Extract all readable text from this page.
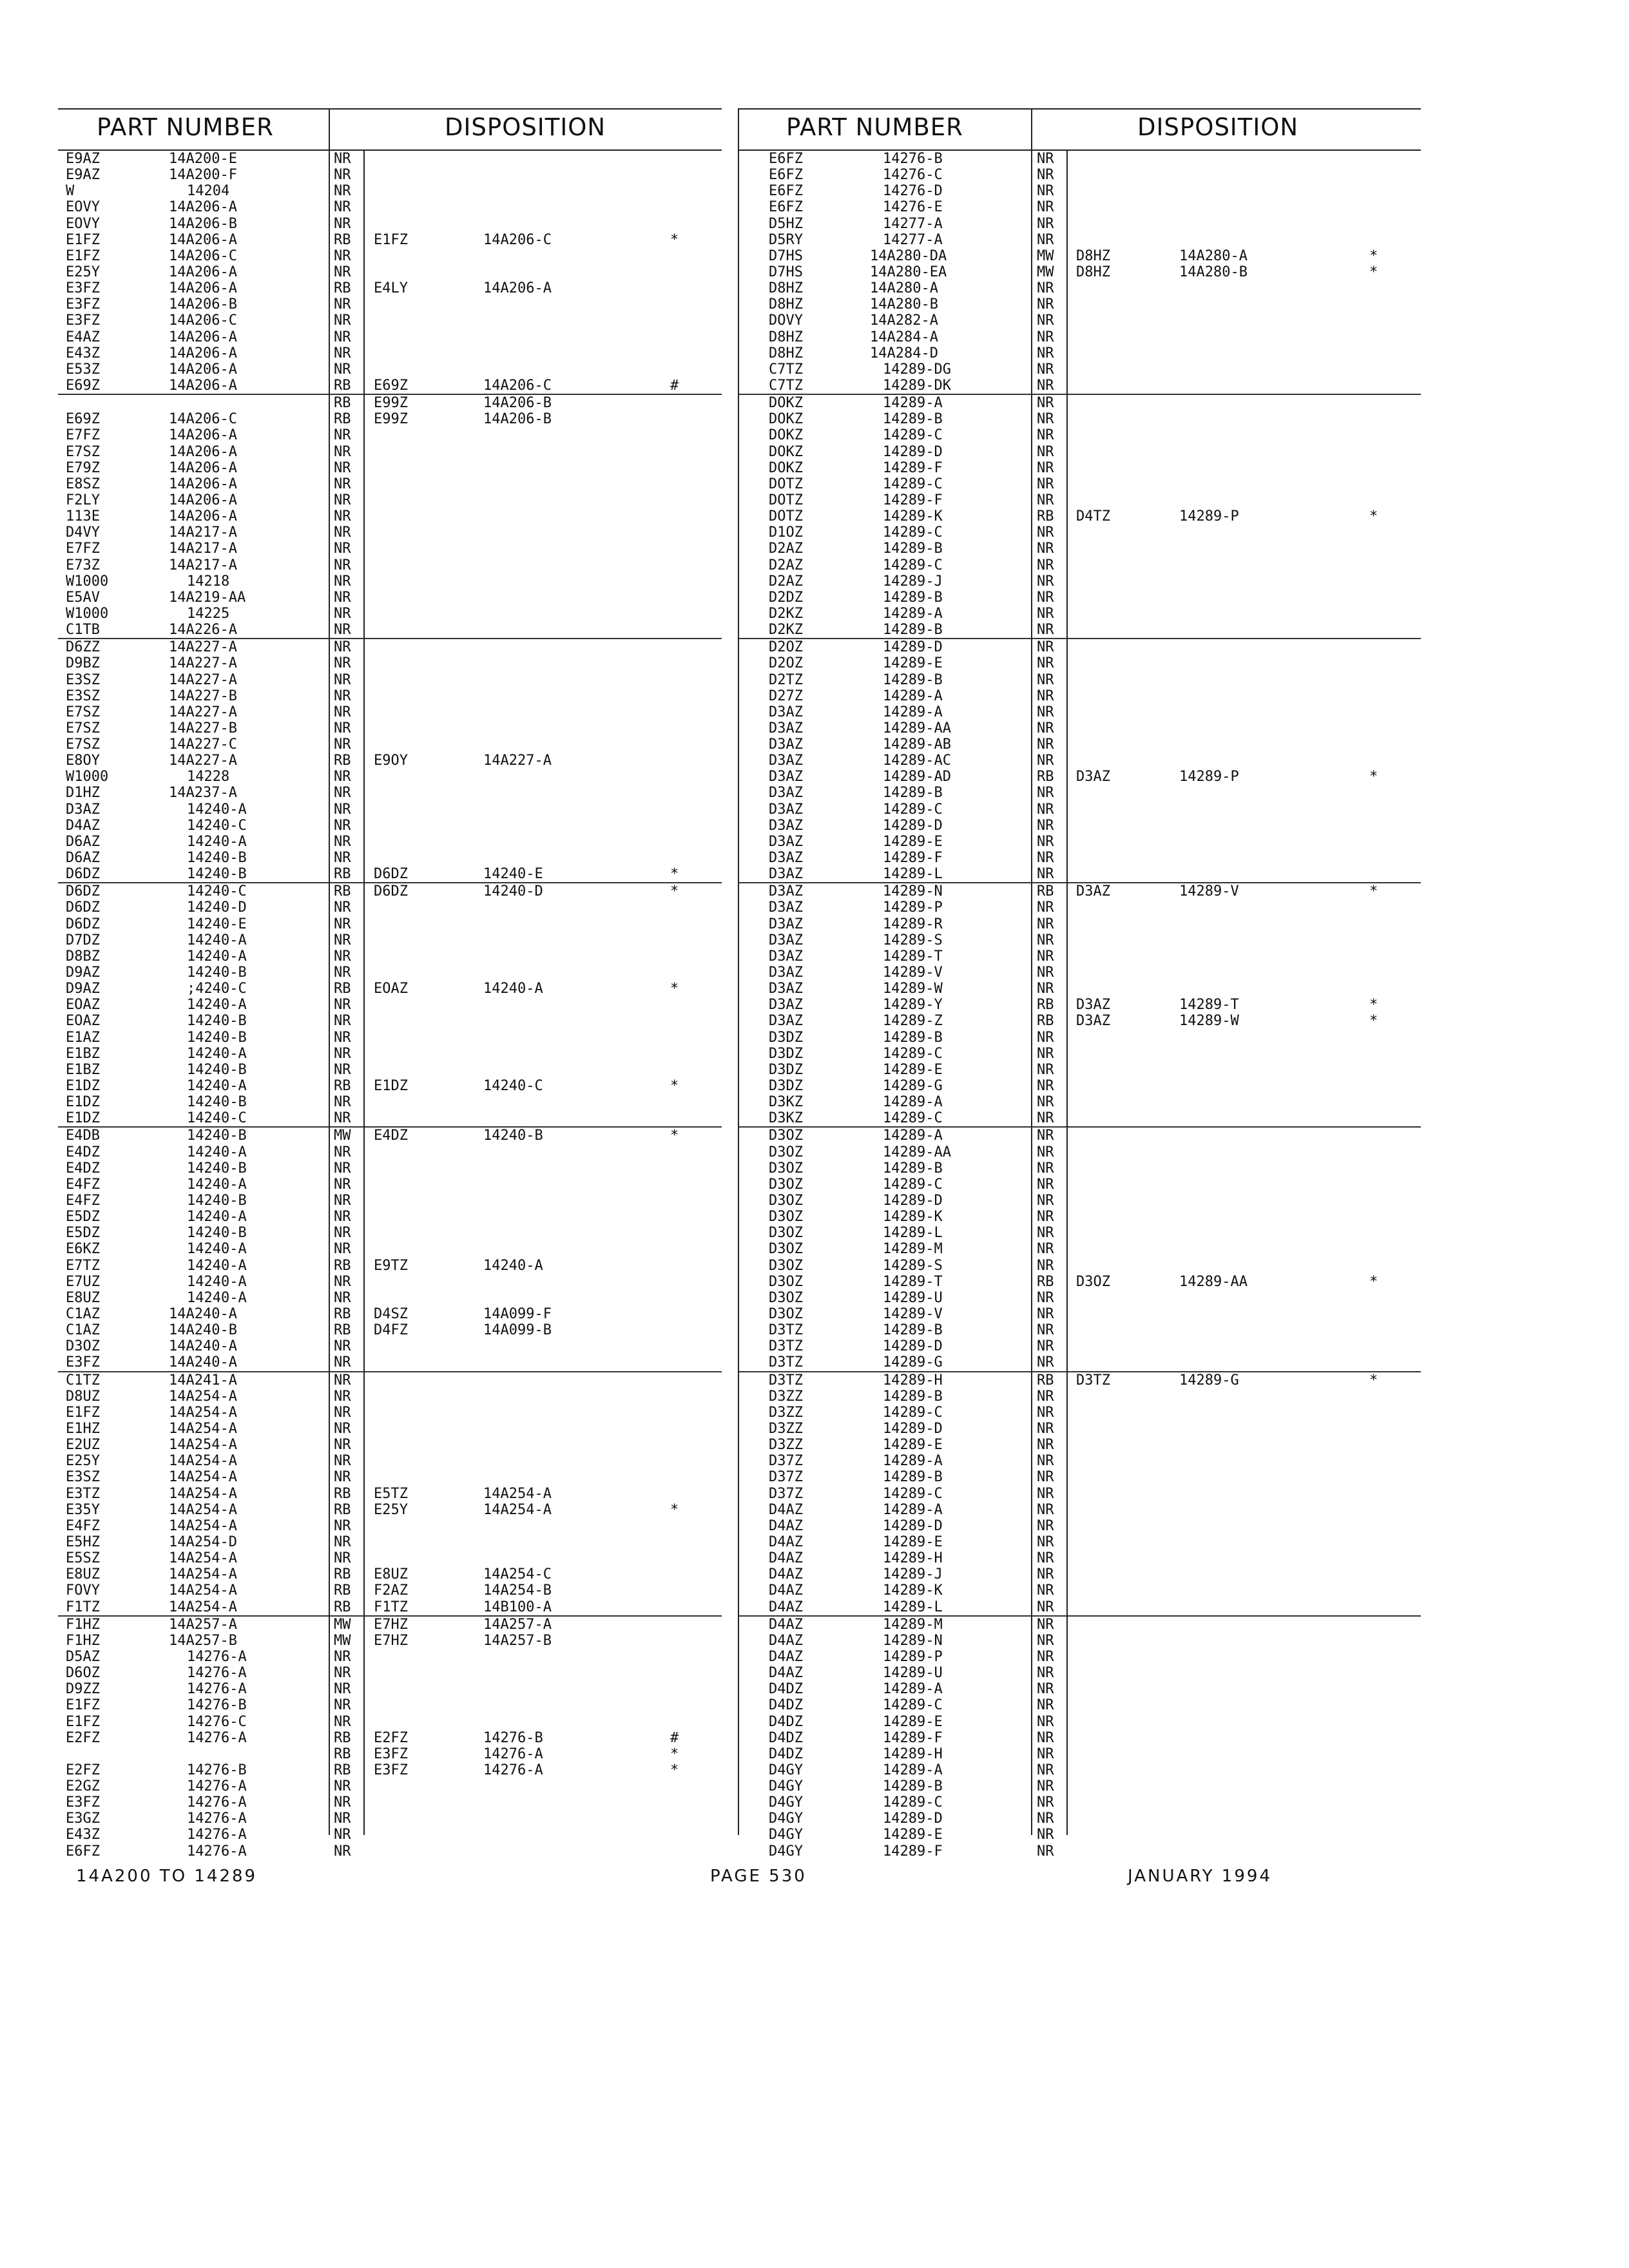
PART NUMBER	DISPOSITION
E9AZ	14A200-E	NR
E9AZ	14A200-F	NR
W	14204	NR
EOVY	14A206-A	NR
EOVY	14A206-B	NR
E1FZ	14A206-A	RB E1FZ	14A206-C	*
E1FZ	14A206-C	NR
E25Y	14A206-A	NR
E3FZ	14A206-A	RB E4LY	14A206-A
E3FZ	14A206-B	NR
E3FZ	14A206-C	NR
E4AZ	14A206-A	NR
E43Z	14A206-A	NR
E53Z	14A206-A	NR
E69Z	14A206-A	RB E69Z	14A206-C	#
RB E99Z	14A206-B
E69Z	14A206-C	RB E99Z	14A206-B
E7FZ	14A206-A	NR
E7SZ	14A206-A	NR
E79Z	14A206-A	NR
E8SZ	14A206-A	NR
F2LY	14A206-A	NR
113E	14A206-A	NR
D4VY	14A217-A	NR
E7FZ	14A217-A	NR
E73Z	14A217-A	NR
W1000	14218	NR
E5AV	14A219-AA	NR
W1000	14225	NR
C1TB	14A226-A	NR
D6ZZ	14A227-A	NR
D9BZ	14A227-A	NR
E3SZ	14A227-A	NR
E3SZ	14A227-B	NR
E7SZ	14A227-A	NR
E7SZ	14A227-B	NR
E7SZ	14A227-C	NR
E8OY	14A227-A	RB E9OY	14A227-A
W1000	14228	NR
D1HZ	14A237-A	NR
D3AZ	14240-A	NR
D4AZ	14240-C	NR
D6AZ	14240-A	NR
D6AZ	14240-B	NR
D6DZ	14240-B	RB D6DZ	14240-E	*
D6DZ	14240-C	RB D6DZ	14240-D	*
D6DZ	14240-D	NR
D6DZ	14240-E	NR
D7DZ	14240-A	NR
D8BZ	14240-A	NR
D9AZ	14240-B	NR
D9AZ	;4240-C	RB EOAZ	14240-A	*
EOAZ	14240-A	NR
EOAZ	14240-B	NR
E1AZ	14240-B	NR
E1BZ	14240-A	NR
E1BZ	14240-B	NR
E1DZ	14240-A	RB E1DZ	14240-C	*
E1DZ	14240-B	NR
E1DZ	14240-C	NR
E4DB	14240-B	MW E4DZ	14240-B	*
E4DZ	14240-A	NR
E4DZ	14240-B	NR
E4FZ	14240-A	NR
E4FZ	14240-B	NR
E5DZ	14240-A	NR
E5DZ	14240-B	NR
E6KZ	14240-A	NR
E7TZ	14240-A	RB E9TZ	14240-A
E7UZ	14240-A	NR
E8UZ	14240-A	NR
C1AZ	14A240-A	RB D4SZ	14A099-F
C1AZ	14A240-B	RB D4FZ	14A099-B
D3OZ	14A240-A	NR
E3FZ	14A240-A	NR
C1TZ	14A241-A	NR
D8UZ	14A254-A	NR
E1FZ	14A254-A	NR
E1HZ	14A254-A	NR
E2UZ	14A254-A	NR
E25Y	14A254-A	NR
E3SZ	14A254-A	NR
E3TZ	14A254-A	RB E5TZ	14A254-A
E35Y	14A254-A	RB E25Y	14A254-A	*
E4FZ	14A254-A	NR
E5HZ	14A254-D	NR
E5SZ	14A254-A	NR
E8UZ	14A254-A	RB E8UZ	14A254-C
FOVY	14A254-A	RB F2AZ	14A254-B
F1TZ	14A254-A	RB F1TZ	14B100-A
F1HZ	14A257-A	MW E7HZ	14A257-A
F1HZ	14A257-B	MW E7HZ	14A257-B
D5AZ	14276-A	NR
D6OZ	14276-A	NR
D9ZZ	14276-A	NR
E1FZ	14276-B	NR
E1FZ	14276-C	NR
E2FZ	14276-A	RB E2FZ	14276-B	#
RB E3FZ	14276-A	*
E2FZ	14276-B	RB E3FZ	14276-A	*
E2GZ	14276-A	NR
E3FZ	14276-A	NR
E3GZ	14276-A	NR
E43Z	14276-A	NR
E6FZ	14276-A	NR
PART NUMBER	DISPOSITION
E6FZ	14276-B	NR
E6FZ	14276-C	NR
E6FZ	14276-D	NR
E6FZ	14276-E	NR
D5HZ	14277-A	NR
D5RY	14277-A	NR
D7HS	14A280-DA	MW D8HZ	14A280-A	*
D7HS	14A280-EA	MW D8HZ	14A280-B	*
D8HZ	14A280-A	NR
D8HZ	14A280-B	NR
DOVY	14A282-A	NR
D8HZ	14A284-A	NR
D8HZ	14A284-D	NR
C7TZ	14289-DG	NR
C7TZ	14289-DK	NR
DOKZ	14289-A	NR
DOKZ	14289-B	NR
DOKZ	14289-C	NR
DOKZ	14289-D	NR
DOKZ	14289-F	NR
DOTZ	14289-C	NR
DOTZ	14289-F	NR
DOTZ	14289-K	RB D4TZ	14289-P	*
D1OZ	14289-C	NR
D2AZ	14289-B	NR
D2AZ	14289-C	NR
D2AZ	14289-J	NR
D2DZ	14289-B	NR
D2KZ	14289-A	NR
D2KZ	14289-B	NR
D2OZ	14289-D	NR
D2OZ	14289-E	NR
D2TZ	14289-B	NR
D27Z	14289-A	NR
D3AZ	14289-A	NR
D3AZ	14289-AA	NR
D3AZ	14289-AB	NR
D3AZ	14289-AC	NR
D3AZ	14289-AD	RB D3AZ	14289-P	*
D3AZ	14289-B	NR
D3AZ	14289-C	NR
D3AZ	14289-D	NR
D3AZ	14289-E	NR
D3AZ	14289-F	NR
D3AZ	14289-L	NR
D3AZ	14289-N	RB D3AZ	14289-V	*
D3AZ	14289-P	NR
D3AZ	14289-R	NR
D3AZ	14289-S	NR
D3AZ	14289-T	NR
D3AZ	14289-V	NR
D3AZ	14289-W	NR
D3AZ	14289-Y	RB D3AZ	14289-T	*
D3AZ	14289-Z	RB D3AZ	14289-W	*
D3DZ	14289-B	NR
D3DZ	14289-C	NR
D3DZ	14289-E	NR
D3DZ	14289-G	NR
D3KZ	14289-A	NR
D3KZ	14289-C	NR
D3OZ	14289-A	NR
D3OZ	14289-AA	NR
D3OZ	14289-B	NR
D3OZ	14289-C	NR
D3OZ	14289-D	NR
D3OZ	14289-K	NR
D3OZ	14289-L	NR
D3OZ	14289-M	NR
D3OZ	14289-S	NR
D3OZ	14289-T	RB D3OZ	14289-AA	*
D3OZ	14289-U	NR
D3OZ	14289-V	NR
D3TZ	14289-B	NR
D3TZ	14289-D	NR
D3TZ	14289-G	NR
D3TZ	14289-H	RB D3TZ	14289-G	*
D3ZZ	14289-B	NR
D3ZZ	14289-C	NR
D3ZZ	14289-D	NR
D3ZZ	14289-E	NR
D37Z	14289-A	NR
D37Z	14289-B	NR
D37Z	14289-C	NR
D4AZ	14289-A	NR
D4AZ	14289-D	NR
D4AZ	14289-E	NR
D4AZ	14289-H	NR
D4AZ	14289-J	NR
D4AZ	14289-K	NR
D4AZ	14289-L	NR
D4AZ	14289-M	NR
D4AZ	14289-N	NR
D4AZ	14289-P	NR
D4AZ	14289-U	NR
D4DZ	14289-A	NR
D4DZ	14289-C	NR
D4DZ	14289-E	NR
D4DZ	14289-F	NR
D4DZ	14289-H	NR
D4GY	14289-A	NR
D4GY	14289-B	NR
D4GY	14289-C	NR
D4GY	14289-D	NR
D4GY	14289-E	NR
D4GY	14289-F	NR
14A200 TO 14289	PAGE 530	JANUARY 1994
